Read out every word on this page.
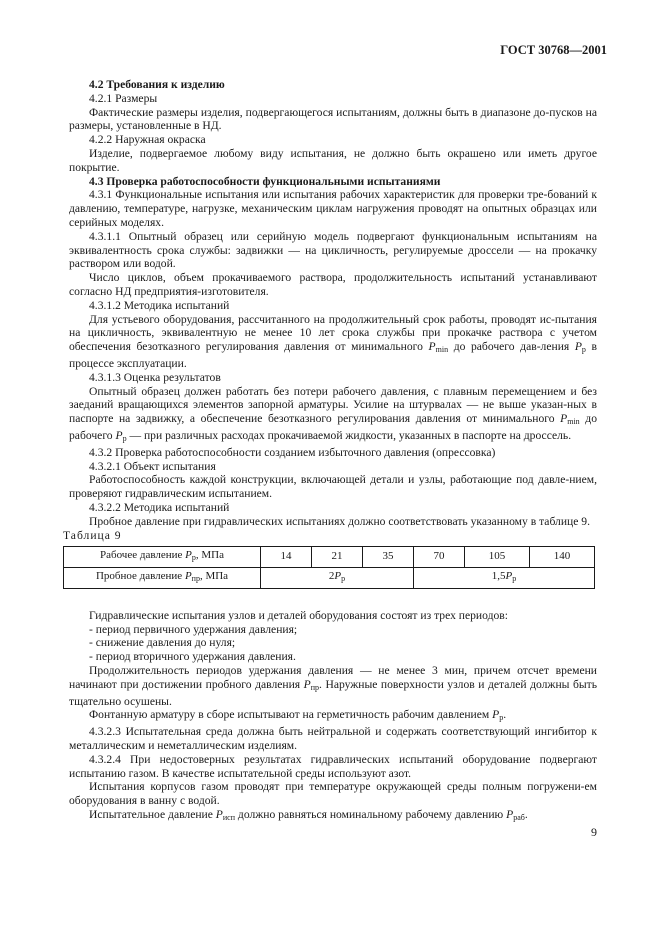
ГОСТ 30768—2001

4.2 Требования к изделию

4.2.1 Размеры

Фактические размеры изделия, подвергающегося испытаниям, должны быть в диапазоне до-пусков на размеры, установленные в НД.

4.2.2 Наружная окраска

Изделие, подвергаемое любому виду испытания, не должно быть окрашено или иметь другое покрытие.

4.3 Проверка работоспособности функциональными испытаниями

4.3.1 Функциональные испытания или испытания рабочих характеристик для проверки тре-бований к давлению, температуре, нагрузке, механическим циклам нагружения проводят на опытных образцах или серийных моделях.

4.3.1.1 Опытный образец или серийную модель подвергают функциональным испытаниям на эквивалентность срока службы: задвижки — на цикличность, регулируемые дроссели — на прокачку раствором или водой.

Число циклов, объем прокачиваемого раствора, продолжительность испытаний устанавливают согласно НД предприятия-изготовителя.

4.3.1.2 Методика испытаний

Для устьевого оборудования, рассчитанного на продолжительный срок работы, проводят ис-пытания на цикличность, эквивалентную не менее 10 лет срока службы при прокачке раствора с учетом обеспечения безотказного регулирования давления от минимального $P_{min}$ до рабочего дав-ления $P_р$ в процессе эксплуатации.

4.3.1.3 Оценка результатов

Опытный образец должен работать без потери рабочего давления, с плавным перемещением и без заеданий вращающихся элементов запорной арматуры. Усилие на штурвалах — не выше указан-ных в паспорте на задвижку, а обеспечение безотказного регулирования давления от минимального $P_{min}$ до рабочего $P_р$ — при различных расходах прокачиваемой жидкости, указанных в паспорте на дроссель.

4.3.2 Проверка работоспособности созданием избыточного давления (опрессовка)

4.3.2.1 Объект испытания

Работоспособность каждой конструкции, включающей детали и узлы, работающие под давле-нием, проверяют гидравлическим испытанием.

4.3.2.2 Методика испытаний

Пробное давление при гидравлических испытаниях должно соответствовать указанному в таблице 9.

Таблица 9

Рабочее давление $P_р$, МПа	14	21	35	70	105	140
Пробное давление $P_{пр}$, МПа	$2P_р$			$1,5P_р$

Гидравлические испытания узлов и деталей оборудования состоят из трех периодов:

- период первичного удержания давления;
- снижение давления до нуля;
- период вторичного удержания давления.

Продолжительность периодов удержания давления — не менее 3 мин, причем отсчет времени начинают при достижении пробного давления $P_{пр}$. Наружные поверхности узлов и деталей должны быть тщательно осушены.

Фонтанную арматуру в сборе испытывают на герметичность рабочим давлением $P_р$.

4.3.2.3 Испытательная среда должна быть нейтральной и содержать соответствующий ингибитор к металлическим и неметаллическим изделиям.

4.3.2.4 При недостоверных результатах гидравлических испытаний оборудование подвергают испытанию газом. В качестве испытательной среды используют азот.

Испытания корпусов газом проводят при температуре окружающей среды полным погружени-ем оборудования в ванну с водой.

Испытательное давление $P_{исп}$ должно равняться номинальному рабочему давлению $P_{раб}$.

9
